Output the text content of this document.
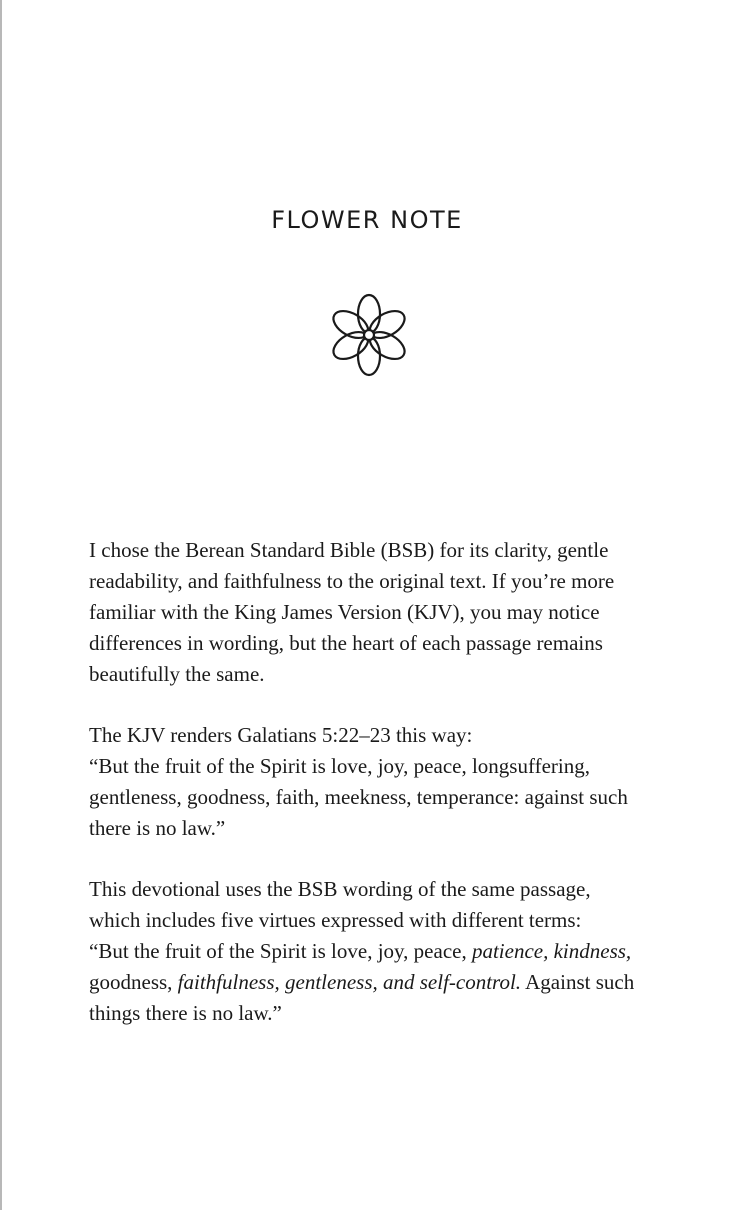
FLOWER NOTE

I chose the Berean Standard Bible (BSB) for its clarity, gentle
readability, and faithfulness to the original text. If you’re more
familiar with the King James Version (KJV), you may notice
differences in wording, but the heart of each passage remains
beautifully the same.

The KJV renders Galatians 5:22–23 this way:
“But the fruit of the Spirit is love, joy, peace, longsuffering,
gentleness, goodness, faith, meekness, temperance: against such
there is no law.”

This devotional uses the BSB wording of the same passage,
which includes five virtues expressed with different terms:
“But the fruit of the Spirit is love, joy, peace, patience, kindness,
goodness, faithfulness, gentleness, and self-control. Against such
things there is no law.”
